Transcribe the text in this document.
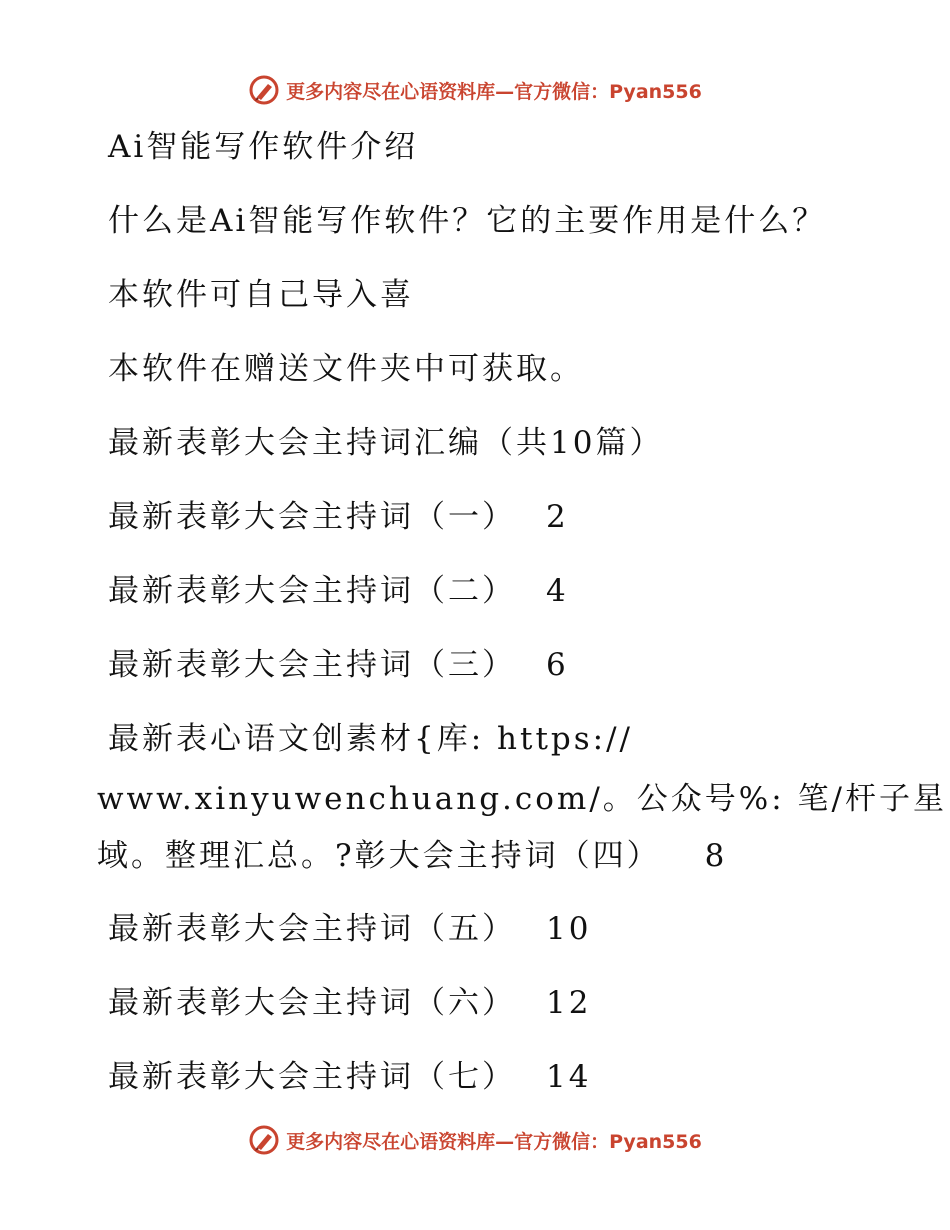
更多内容尽在心语资料库—官方微信：Pyan556
Ai智能写作软件介绍
什么是Ai智能写作软件？它的主要作用是什么？
本软件可自己导入喜
本软件在赠送文件夹中可获取。
最新表彰大会主持词汇编（共10篇）
最新表彰大会主持词（一） 2
最新表彰大会主持词（二） 4
最新表彰大会主持词（三） 6
最新表心语文创素材{库: https://
www.xinyuwenchuang.com/。公众号%: 笔/杆子星
域。整理汇总。?彰大会主持词（四） 8
最新表彰大会主持词（五） 10
最新表彰大会主持词（六） 12
最新表彰大会主持词（七） 14
更多内容尽在心语资料库—官方微信：Pyan556
